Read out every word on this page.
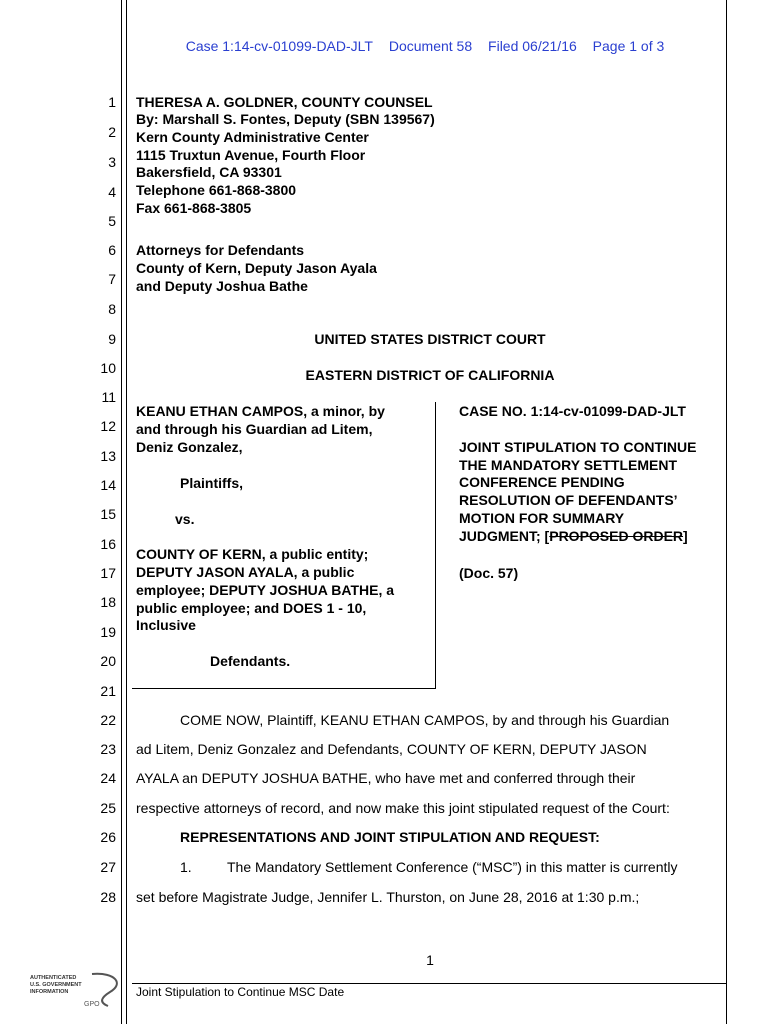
Case 1:14-cv-01099-DAD-JLT Document 58 Filed 06/21/16 Page 1 of 3
1
2
3
4
5
6
7
8
9
10
11
12
13
14
15
16
17
18
19
20
21
22
23
24
25
26
27
28
THERESA A. GOLDNER, COUNTY COUNSEL
By: Marshall S. Fontes, Deputy (SBN 139567)
Kern County Administrative Center
1115 Truxtun Avenue, Fourth Floor
Bakersfield, CA 93301
Telephone 661-868-3800
Fax 661-868-3805
Attorneys for Defendants
County of Kern, Deputy Jason Ayala
and Deputy Joshua Bathe
UNITED STATES DISTRICT COURT
EASTERN DISTRICT OF CALIFORNIA
KEANU ETHAN CAMPOS, a minor, by
and through his Guardian ad Litem,
Deniz Gonzalez,
Plaintiffs,
vs.
COUNTY OF KERN, a public entity;
DEPUTY JASON AYALA, a public
employee; DEPUTY JOSHUA BATHE, a
public employee; and DOES 1 - 10,
Inclusive
Defendants.
CASE NO. 1:14-cv-01099-DAD-JLT
JOINT STIPULATION TO CONTINUE
THE MANDATORY SETTLEMENT
CONFERENCE PENDING
RESOLUTION OF DEFENDANTS’
MOTION FOR SUMMARY
JUDGMENT; [PROPOSED ORDER]
(Doc. 57)
COME NOW, Plaintiff, KEANU ETHAN CAMPOS, by and through his Guardian
ad Litem, Deniz Gonzalez and Defendants, COUNTY OF KERN, DEPUTY JASON
AYALA an DEPUTY JOSHUA BATHE, who have met and conferred through their
respective attorneys of record, and now make this joint stipulated request of the Court:
REPRESENTATIONS AND JOINT STIPULATION AND REQUEST:
1.	The Mandatory Settlement Conference (“MSC”) in this matter is currently
set before Magistrate Judge, Jennifer L. Thurston, on June 28, 2016 at 1:30 p.m.;
1
Joint Stipulation to Continue MSC Date
AUTHENTICATED
U.S. GOVERNMENT
INFORMATION
GPO
